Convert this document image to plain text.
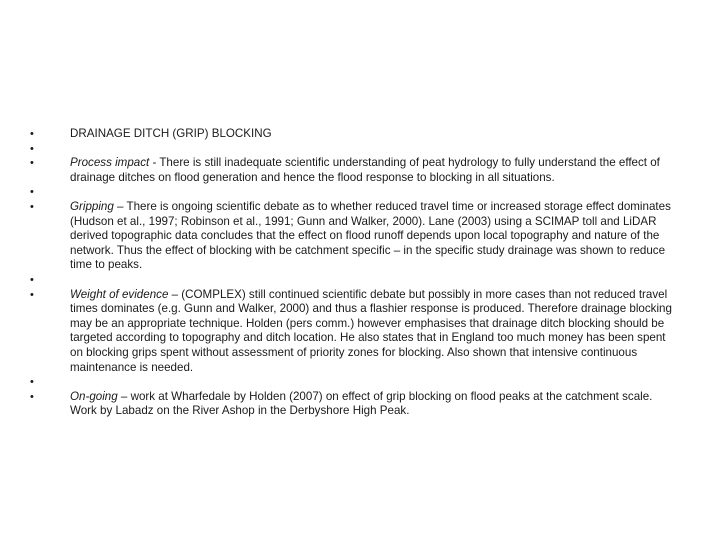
•	DRAINAGE DITCH (GRIP) BLOCKING
•
•	Process impact - There is still inadequate scientific understanding of peat hydrology to fully understand the effect of drainage ditches on flood generation and hence the flood response to blocking in all situations.
•
•	Gripping – There is ongoing scientific debate as to whether reduced travel time or increased storage effect dominates (Hudson et al., 1997; Robinson et al., 1991; Gunn and Walker, 2000). Lane (2003) using a SCIMAP toll and LiDAR derived topographic data concludes that the effect on flood runoff depends upon local topography and nature of the network. Thus the effect of blocking with be catchment specific – in the specific study drainage was shown to reduce time to peaks.
•
•	Weight of evidence – (COMPLEX) still continued scientific debate but possibly in more cases than not reduced travel times dominates (e.g. Gunn and Walker, 2000) and thus a flashier response is produced. Therefore drainage blocking may be an appropriate technique. Holden (pers comm.) however emphasises that drainage ditch blocking should be targeted according to topography and ditch location. He also states that in England too much money has been spent on blocking grips spent without assessment of priority zones for blocking. Also shown that intensive continuous maintenance is needed.
•
•	On-going – work at Wharfedale by Holden (2007) on effect of grip blocking on flood peaks at the catchment scale. Work by Labadz on the River Ashop in the Derbyshore High Peak.
